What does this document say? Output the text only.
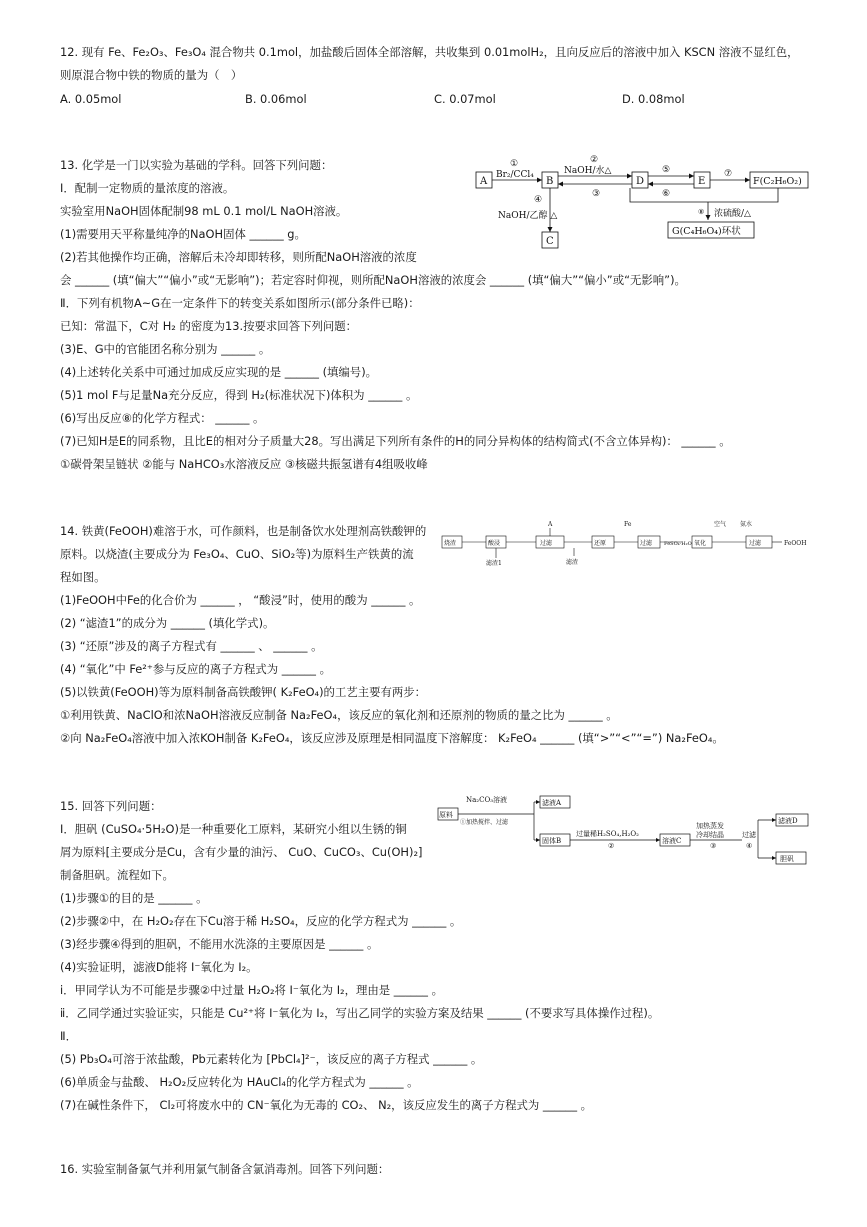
12. 现有 Fe、Fe₂O₃、Fe₃O₄ 混合物共 0.1mol，加盐酸后固体全部溶解，共收集到 0.01molH₂，且向反应后的溶液中加入 KSCN 溶液不显红色，
则原混合物中铁的物质的量为（　）
A. 0.05mol	B. 0.06mol	C. 0.07mol	D. 0.08mol
13. 化学是一门以实验为基础的学科。回答下列问题：
Ⅰ．配制一定物质的量浓度的溶液。
实验室用NaOH固体配制98 mL 0.1 mol/L NaOH溶液。
(1)需要用天平称量纯净的NaOH固体 ______ g。
(2)若其他操作均正确，溶解后未冷却即转移，则所配NaOH溶液的浓度
会 ______ (填“偏大”“偏小”或“无影响”)；若定容时仰视，则所配NaOH溶液的浓度会 ______ (填“偏大”“偏小”或“无影响”)。
Ⅱ．下列有机物A~G在一定条件下的转变关系如图所示(部分条件已略)：
已知：常温下，C对 H₂ 的密度为13.按要求回答下列问题：
(3)E、G中的官能团名称分别为 ______ 。
(4)上述转化关系中可通过加成反应实现的是 ______ (填编号)。
(5)1 mol F与足量Na充分反应，得到 H₂(标准状况下)体积为 ______ 。
(6)写出反应⑧的化学方程式： ______ 。
(7)已知H是E的同系物，且比E的相对分子质量大28。写出满足下列所有条件的H的同分异构体的结构简式(不含立体异构)： ______ 。
①碳骨架呈链状 ②能与 NaHCO₃水溶液反应 ③核磁共振氢谱有4组吸收峰
A
①
Br₂/CCl₄
B
②
NaOH/水△
③
D
⑤
⑥
E
⑦
F(C₂H₆O₂)
浓硫酸/△
⑧
G(C₄H₆O₄)环状
④
NaOH/乙醇 △
C
14. 铁黄(FeOOH)难溶于水，可作颜料，也是制备饮水处理剂高铁酸钾的
原料。以烧渣(主要成分为 Fe₃O₄、CuO、SiO₂等)为原料生产铁黄的流
程如图。
(1)FeOOH中Fe的化合价为 ______ ， “酸浸”时，使用的酸为 ______ 。
(2) “滤渣1”的成分为 ______ (填化学式)。
(3) “还原”涉及的离子方程式有 ______ 、 ______ 。
(4) “氧化”中 Fe²⁺参与反应的离子方程式为 ______ 。
(5)以铁黄(FeOOH)等为原料制备高铁酸钾( K₂FeO₄)的工艺主要有两步：
①利用铁黄、NaClO和浓NaOH溶液反应制备 Na₂FeO₄，该反应的氧化剂和还原剂的物质的量之比为 ______ 。
②向 Na₂FeO₄溶液中加入浓KOH制备 K₂FeO₄，该反应涉及原理是相同温度下溶解度： K₂FeO₄ ______ (填“>”“<”“=”) Na₂FeO₄。
烧渣	酸浸
滤渣1
A
过滤	还原
滤渣
Fe
过滤 FeSO₄·H₂O 氧化
空气 氨水
过滤	FeOOH
15. 回答下列问题：
Ⅰ．胆矾 (CuSO₄·5H₂O)是一种重要化工原料，某研究小组以生锈的铜
屑为原料[主要成分是Cu，含有少量的油污、 CuO、CuCO₃、Cu(OH)₂]
制备胆矾。流程如下。
(1)步骤①的目的是 ______ 。
(2)步骤②中，在 H₂O₂存在下Cu溶于稀 H₂SO₄，反应的化学方程式为 ______ 。
(3)经步骤④得到的胆矾，不能用水洗涤的主要原因是 ______ 。
(4)实验证明，滤液D能将 I⁻氧化为 I₂。
ⅰ．甲同学认为不可能是步骤②中过量 H₂O₂将 I⁻氧化为 I₂，理由是 ______ 。
ⅱ．乙同学通过实验证实，只能是 Cu²⁺将 I⁻氧化为 I₂，写出乙同学的实验方案及结果 ______ (不要求写具体操作过程)。
Ⅱ．
(5) Pb₃O₄可溶于浓盐酸，Pb元素转化为 [PbCl₄]²⁻，该反应的离子方程式 ______ 。
(6)单质金与盐酸、 H₂O₂反应转化为 HAuCl₄的化学方程式为 ______ 。
(7)在碱性条件下， Cl₂可将废水中的 CN⁻氧化为无毒的 CO₂、 N₂，该反应发生的离子方程式为 ______ 。
原料
Na₂CO₃溶液
①加热搅拌、过滤
滤液A
固体B
过量稀H₂SO₄,H₂O₂
②
溶液C
加热蒸发
冷却结晶
③
过滤
④
滤液D
胆矾
16. 实验室制备氯气并利用氯气制备含氯消毒剂。回答下列问题：
